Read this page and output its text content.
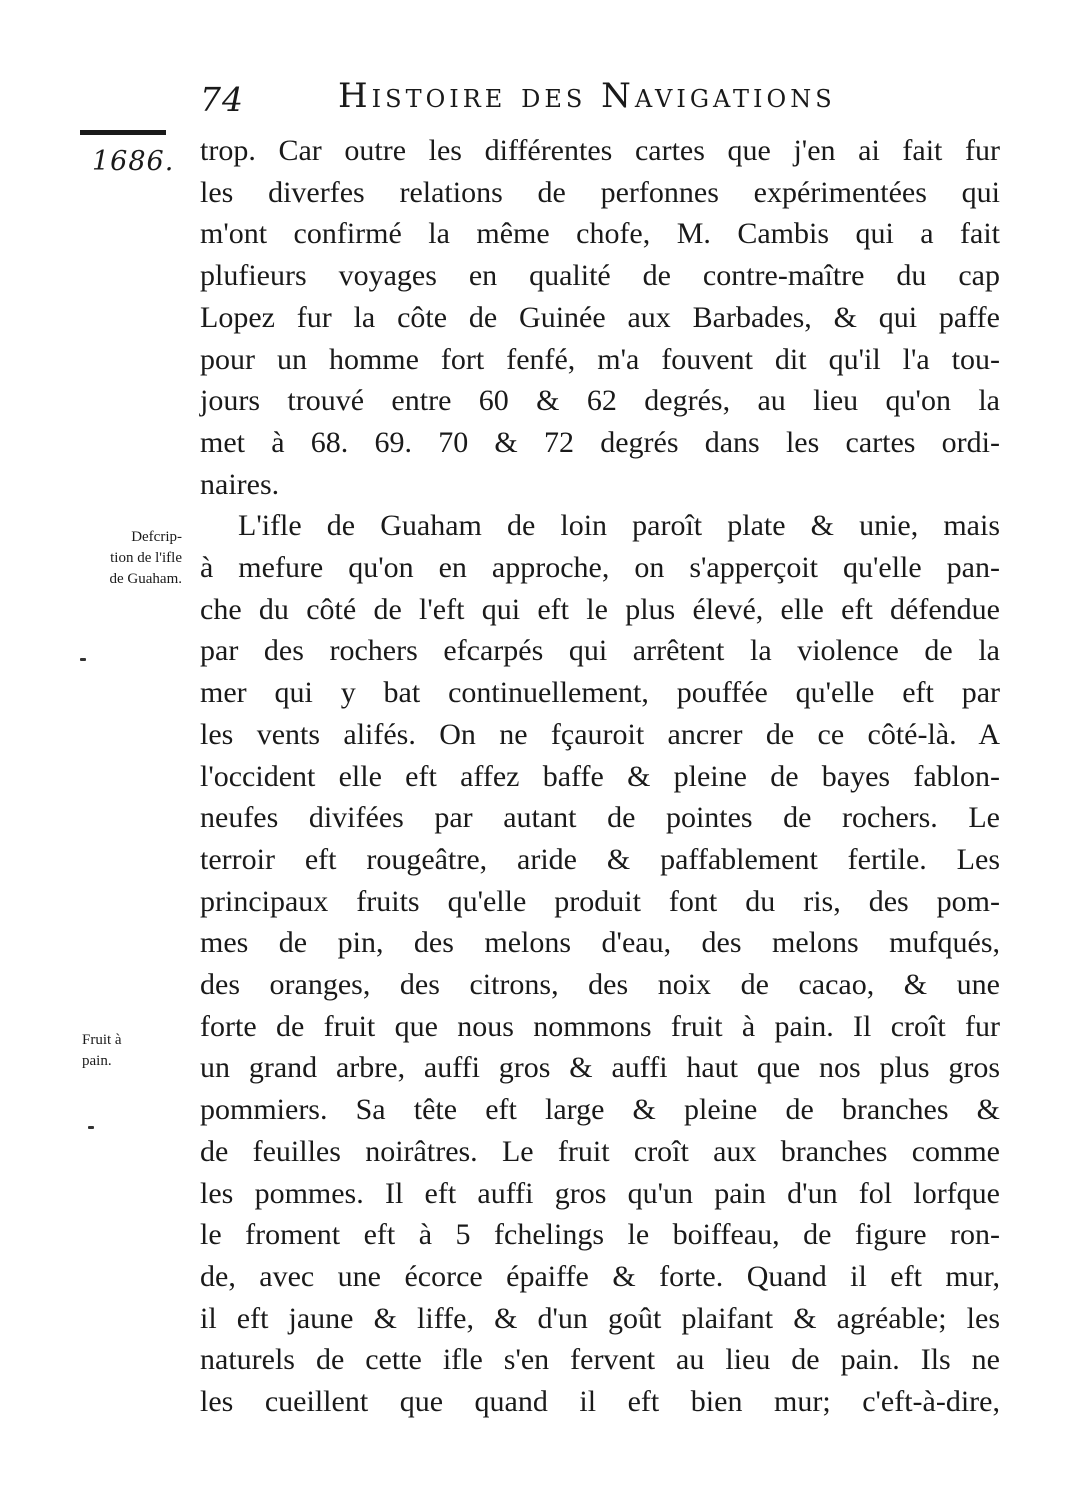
74	Histoire des Navigations
1686.
Defcrip-
tion de l'ifle
de Guaham.
Fruit à
pain.
trop. Car outre les différentes cartes que j'en ai fait fur
les diverfes relations de perfonnes expérimentées qui
m'ont confirmé la même chofe, M. Cambis qui a fait
plufieurs voyages en qualité de contre-maître du cap
Lopez fur la côte de Guinée aux Barbades, & qui paffe
pour un homme fort fenfé, m'a fouvent dit qu'il l'a tou-
jours trouvé entre 60 & 62 degrés, au lieu qu'on la
met à 68. 69. 70 & 72 degrés dans les cartes ordi-
naires.
L'ifle de Guaham de loin paroît plate & unie, mais
à mefure qu'on en approche, on s'apperçoit qu'elle pan-
che du côté de l'eft qui eft le plus élevé, elle eft défendue
par des rochers efcarpés qui arrêtent la violence de la
mer qui y bat continuellement, pouffée qu'elle eft par
les vents alifés. On ne fçauroit ancrer de ce côté-là. A
l'occident elle eft affez baffe & pleine de bayes fablon-
neufes divifées par autant de pointes de rochers. Le
terroir eft rougeâtre, aride & paffablement fertile. Les
principaux fruits qu'elle produit font du ris, des pom-
mes de pin, des melons d'eau, des melons mufqués,
des oranges, des citrons, des noix de cacao, & une
forte de fruit que nous nommons fruit à pain. Il croît fur
un grand arbre, auffi gros & auffi haut que nos plus gros
pommiers. Sa tête eft large & pleine de branches &
de feuilles noirâtres. Le fruit croît aux branches comme
les pommes. Il eft auffi gros qu'un pain d'un fol lorfque
le froment eft à 5 fchelings le boiffeau, de figure ron-
de, avec une écorce épaiffe & forte. Quand il eft mur,
il eft jaune & liffe, & d'un goût plaifant & agréable; les
naturels de cette ifle s'en fervent au lieu de pain. Ils ne
les cueillent que quand il eft bien mur; c'eft-à-dire,
